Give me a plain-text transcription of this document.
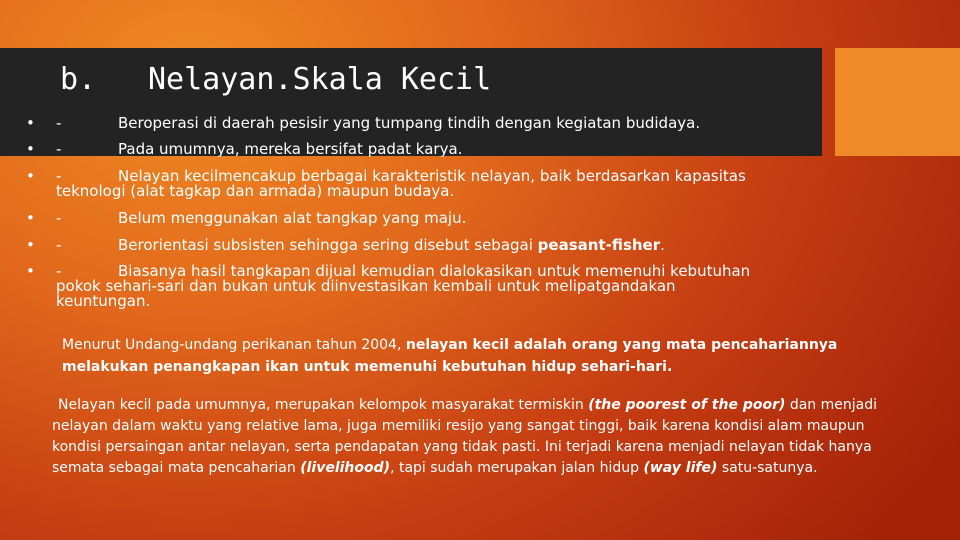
b. Nelayan.Skala Kecil
• -	Beroperasi di daerah pesisir yang tumpang tindih dengan kegiatan budidaya.
• -	Pada umumnya, mereka bersifat padat karya.
• -	Nelayan kecilmencakup berbagai karakteristik nelayan, baik berdasarkan kapasitas teknologi (alat tagkap dan armada) maupun budaya.
• -	Belum menggunakan alat tangkap yang maju.
• -	Berorientasi subsisten sehingga sering disebut sebagai peasant-fisher.
• -	Biasanya hasil tangkapan dijual kemudian dialokasikan untuk memenuhi kebutuhan pokok sehari-sari dan bukan untuk diinvestasikan kembali untuk melipatgandakan keuntungan.
Menurut Undang-undang perikanan tahun 2004, nelayan kecil adalah orang yang mata pencahariannya melakukan penangkapan ikan untuk memenuhi kebutuhan hidup sehari-hari.
Nelayan kecil pada umumnya, merupakan kelompok masyarakat termiskin (the poorest of the poor) dan menjadi nelayan dalam waktu yang relative lama, juga memiliki resijo yang sangat tinggi, baik karena kondisi alam maupun kondisi persaingan antar nelayan, serta pendapatan yang tidak pasti. Ini terjadi karena menjadi nelayan tidak hanya semata sebagai mata pencaharian (livelihood), tapi sudah merupakan jalan hidup (way life) satu-satunya.
